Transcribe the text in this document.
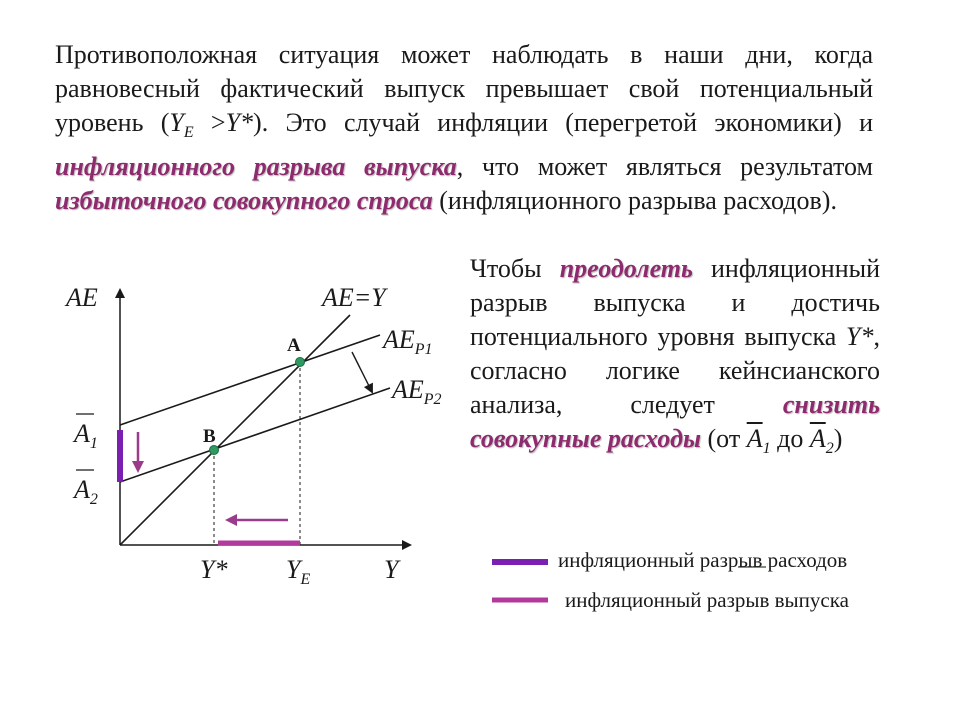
Противоположная ситуация может наблюдать в наши дни, когда равновесный фактический выпуск превышает свой потенциальный уровень $(Y_E >Y*)$. Это случай инфляции (перегретой экономики) и инфляционного разрыва выпуска, что может являться результатом избыточного совокупного спроса (инфляционного разрыва расходов).

Чтобы преодолеть инфляционный разрыв выпуска и достичь потенциального уровня выпуска Y*, согласно логике кейнсианского анализа, следует снизить совокупные расходы (от $\overline{A}_1$ до $\overline{A}_2$)

AE	AE=Y
$AE_{P1}$
$AE_{P2}$
A
B
$A_1$
$A_2$
Y* $Y_E$	Y	инфляционный разрыв расходов
инфляционный разрыв выпуска
